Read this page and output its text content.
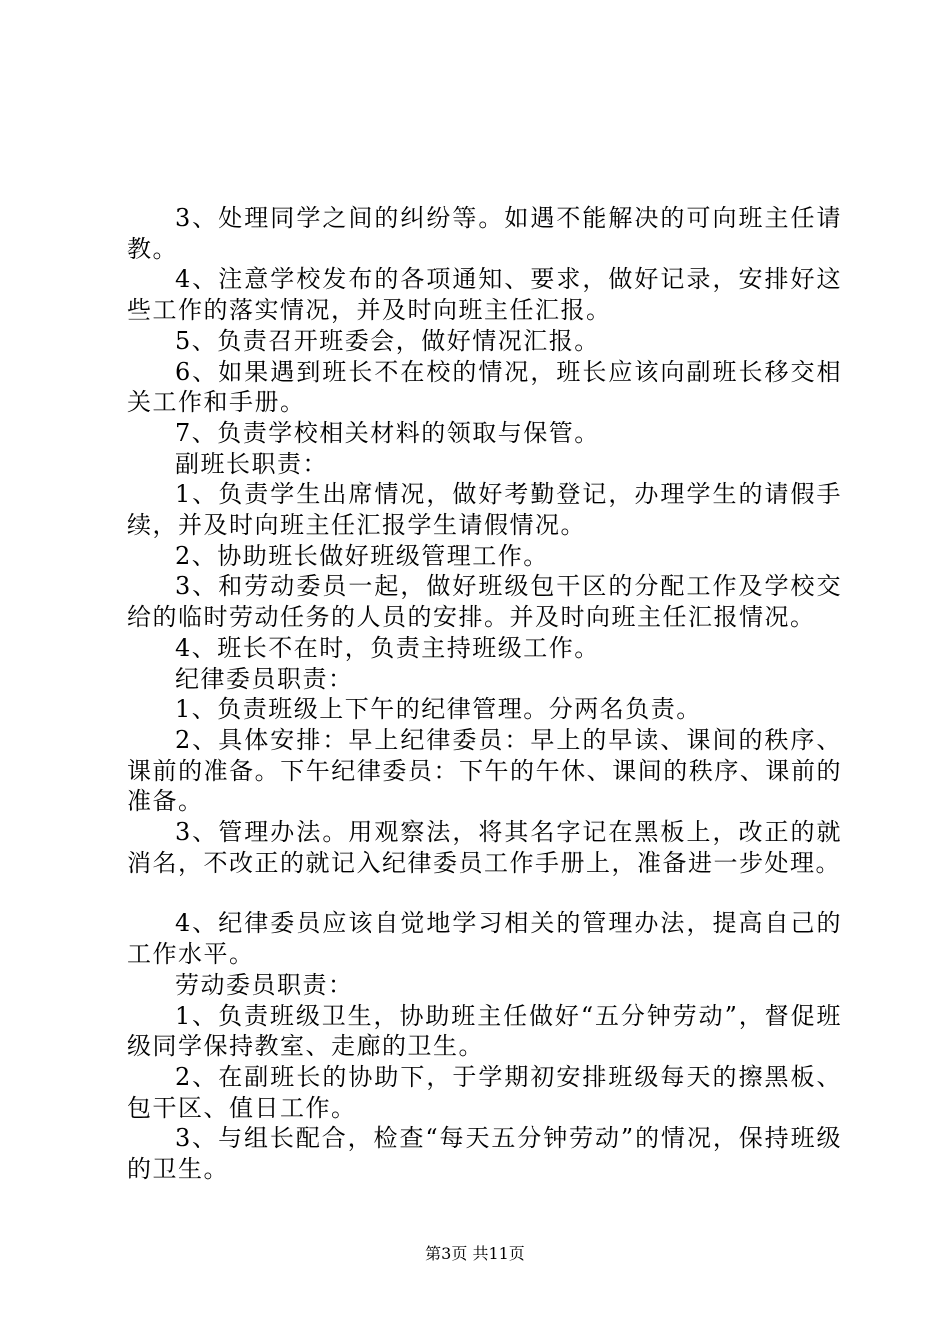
3、处理同学之间的纠纷等。如遇不能解决的可向班主任请教。

4、注意学校发布的各项通知、要求，做好记录，安排好这些工作的落实情况，并及时向班主任汇报。

5、负责召开班委会，做好情况汇报。

6、如果遇到班长不在校的情况，班长应该向副班长移交相关工作和手册。

7、负责学校相关材料的领取与保管。

副班长职责：

1、负责学生出席情况，做好考勤登记，办理学生的请假手续，并及时向班主任汇报学生请假情况。

2、协助班长做好班级管理工作。

3、和劳动委员一起，做好班级包干区的分配工作及学校交给的临时劳动任务的人员的安排。并及时向班主任汇报情况。

4、班长不在时，负责主持班级工作。

纪律委员职责：

1、负责班级上下午的纪律管理。分两名负责。

2、具体安排：早上纪律委员：早上的早读、课间的秩序、课前的准备。下午纪律委员：下午的午休、课间的秩序、课前的准备。

3、管理办法。用观察法，将其名字记在黑板上，改正的就消名，不改正的就记入纪律委员工作手册上，准备进一步处理。

4、纪律委员应该自觉地学习相关的管理办法，提高自己的工作水平。

劳动委员职责：

1、负责班级卫生，协助班主任做好“五分钟劳动”，督促班级同学保持教室、走廊的卫生。

2、在副班长的协助下，于学期初安排班级每天的擦黑板、包干区、值日工作。

3、与组长配合，检查“每天五分钟劳动”的情况，保持班级的卫生。

第3页 共11页
